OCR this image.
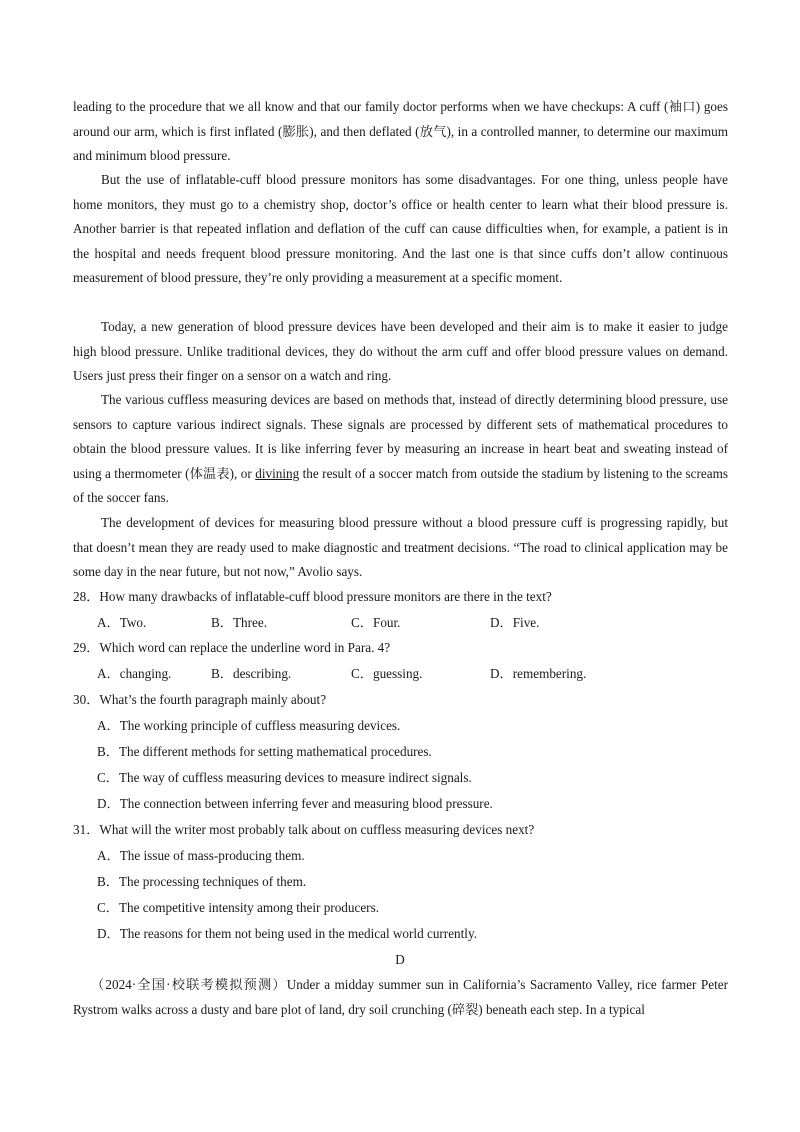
leading to the procedure that we all know and that our family doctor performs when we have checkups: A cuff (袖口) goes around our arm, which is first inflated (膨胀), and then deflated (放气), in a controlled manner, to determine our maximum and minimum blood pressure.

But the use of inflatable-cuff blood pressure monitors has some disadvantages. For one thing, unless people have home monitors, they must go to a chemistry shop, doctor’s office or health center to learn what their blood pressure is. Another barrier is that repeated inflation and deflation of the cuff can cause difficulties when, for example, a patient is in the hospital and needs frequent blood pressure monitoring. And the last one is that since cuffs don’t allow continuous measurement of blood pressure, they’re only providing a measurement at a specific moment.

Today, a new generation of blood pressure devices have been developed and their aim is to make it easier to judge high blood pressure. Unlike traditional devices, they do without the arm cuff and offer blood pressure values on demand. Users just press their finger on a sensor on a watch and ring.

The various cuffless measuring devices are based on methods that, instead of directly determining blood pressure, use sensors to capture various indirect signals. These signals are processed by different sets of mathematical procedures to obtain the blood pressure values. It is like inferring fever by measuring an increase in heart beat and sweating instead of using a thermometer (体温表), or divining the result of a soccer match from outside the stadium by listening to the screams of the soccer fans.

The development of devices for measuring blood pressure without a blood pressure cuff is progressing rapidly, but that doesn’t mean they are ready used to make diagnostic and treatment decisions. “The road to clinical application may be some day in the near future, but not now,” Avolio says.

28．How many drawbacks of inflatable-cuff blood pressure monitors are there in the text?

A．Two.	B．Three.	C．Four.	D．Five.

29．Which word can replace the underline word in Para. 4?

A．changing.	B．describing.	C．guessing.	D．remembering.

30．What’s the fourth paragraph mainly about?

A．The working principle of cuffless measuring devices.

B．The different methods for setting mathematical procedures.

C．The way of cuffless measuring devices to measure indirect signals.

D．The connection between inferring fever and measuring blood pressure.

31．What will the writer most probably talk about on cuffless measuring devices next?

A．The issue of mass-producing them.

B．The processing techniques of them.

C．The competitive intensity among their producers.

D．The reasons for them not being used in the medical world currently.

D

（2024·全国·校联考模拟预测）Under a midday summer sun in California’s Sacramento Valley, rice farmer Peter Rystrom walks across a dusty and bare plot of land, dry soil crunching (碎裂) beneath each step. In a typical
